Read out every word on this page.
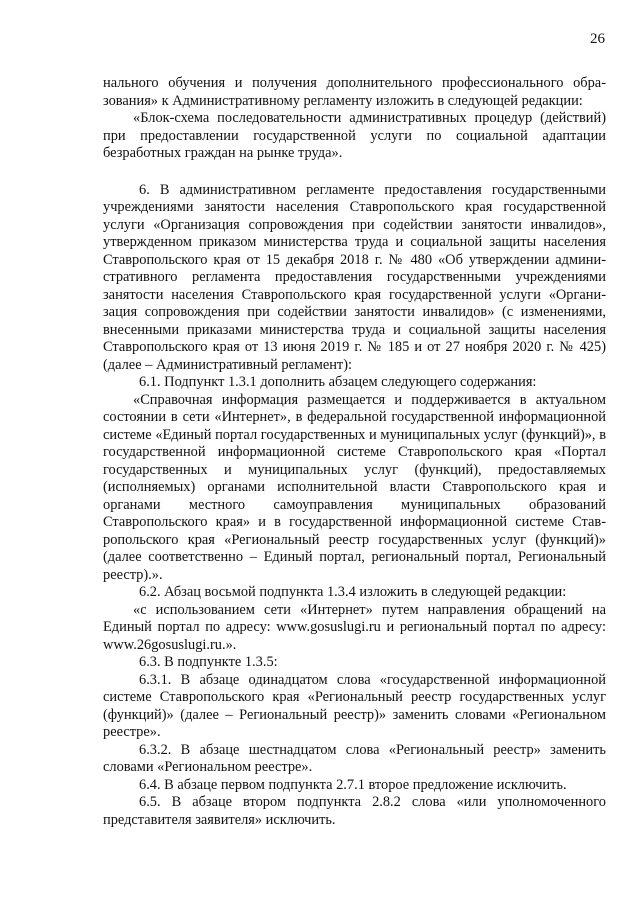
26

нального обучения и получения дополнительного профессионального образования» к Административному регламенту изложить в следующей редакции:

«Блок-схема последовательности административных процедур (действий) при предоставлении государственной услуги по социальной адаптации безработных граждан на рынке труда».

6. В административном регламенте предоставления государственными учреждениями занятости населения Ставропольского края государственной услуги «Организация сопровождения при содействии занятости инвалидов», утвержденном приказом министерства труда и социальной защиты населения Ставропольского края от 15 декабря 2018 г. № 480 «Об утверждении административного регламента предоставления государственными учреждениями занятости населения Ставропольского края государственной услуги «Организация сопровождения при содействии занятости инвалидов» (с изменениями, внесенными приказами министерства труда и социальной защиты населения Ставропольского края от 13 июня 2019 г. № 185 и от 27 ноября 2020 г. № 425) (далее – Административный регламент):

6.1. Подпункт 1.3.1 дополнить абзацем следующего содержания:

«Справочная информация размещается и поддерживается в актуальном состоянии в сети «Интернет», в федеральной государственной информационной системе «Единый портал государственных и муниципальных услуг (функций)», в государственной информационной системе Ставропольского края «Портал государственных и муниципальных услуг (функций), предоставляемых (исполняемых) органами исполнительной власти Ставропольского края и органами местного самоуправления муниципальных образований Ставропольского края» и в государственной информационной системе Ставропольского края «Региональный реестр государственных услуг (функций)» (далее соответственно – Единый портал, региональный портал, Региональный реестр).».

6.2. Абзац восьмой подпункта 1.3.4 изложить в следующей редакции:

«с использованием сети «Интернет» путем направления обращений на Единый портал по адресу: www.gosuslugi.ru и региональный портал по адресу: www.26gosuslugi.ru.».

6.3. В подпункте 1.3.5:

6.3.1. В абзаце одинадцатом слова «государственной информационной системе Ставропольского края «Региональный реестр государственных услуг (функций)» (далее – Региональный реестр)» заменить словами «Региональном реестре».

6.3.2. В абзаце шестнадцатом слова «Региональный реестр» заменить словами «Региональном реестре».

6.4. В абзаце первом подпункта 2.7.1 второе предложение исключить.

6.5. В абзаце втором подпункта 2.8.2 слова «или уполномоченного представителя заявителя» исключить.
